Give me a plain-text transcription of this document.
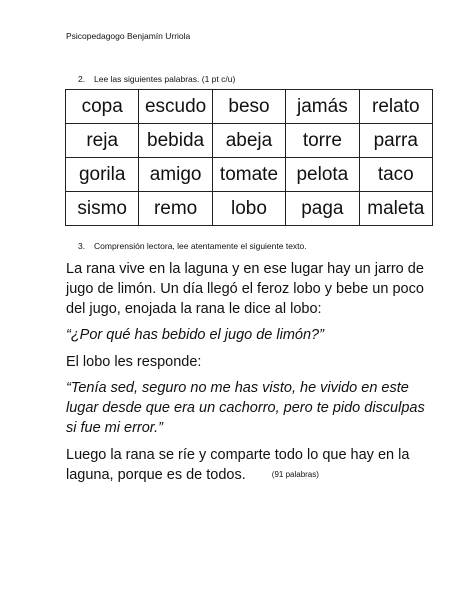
Psicopedagogo Benjamín Urriola
2. Lee las siguientes palabras. (1 pt c/u)
copa	escudo	beso	jamás	relato
reja	bebida	abeja	torre	parra
gorila	amigo	tomate	pelota	taco
sismo	remo	lobo	paga	maleta
3. Comprensión lectora, lee atentamente el siguiente texto.
La rana vive en la laguna y en ese lugar hay un jarro de jugo de limón. Un día llegó el feroz lobo y bebe un poco del jugo, enojada la rana le dice al lobo:
“¿Por qué has bebido el jugo de limón?”
El lobo les responde:
“Tenía sed, seguro no me has visto, he vivido en este lugar desde que era un cachorro, pero te pido disculpas si fue mi error.”
Luego la rana se ríe y comparte todo lo que hay en la laguna, porque es de todos.	(91 palabras)
